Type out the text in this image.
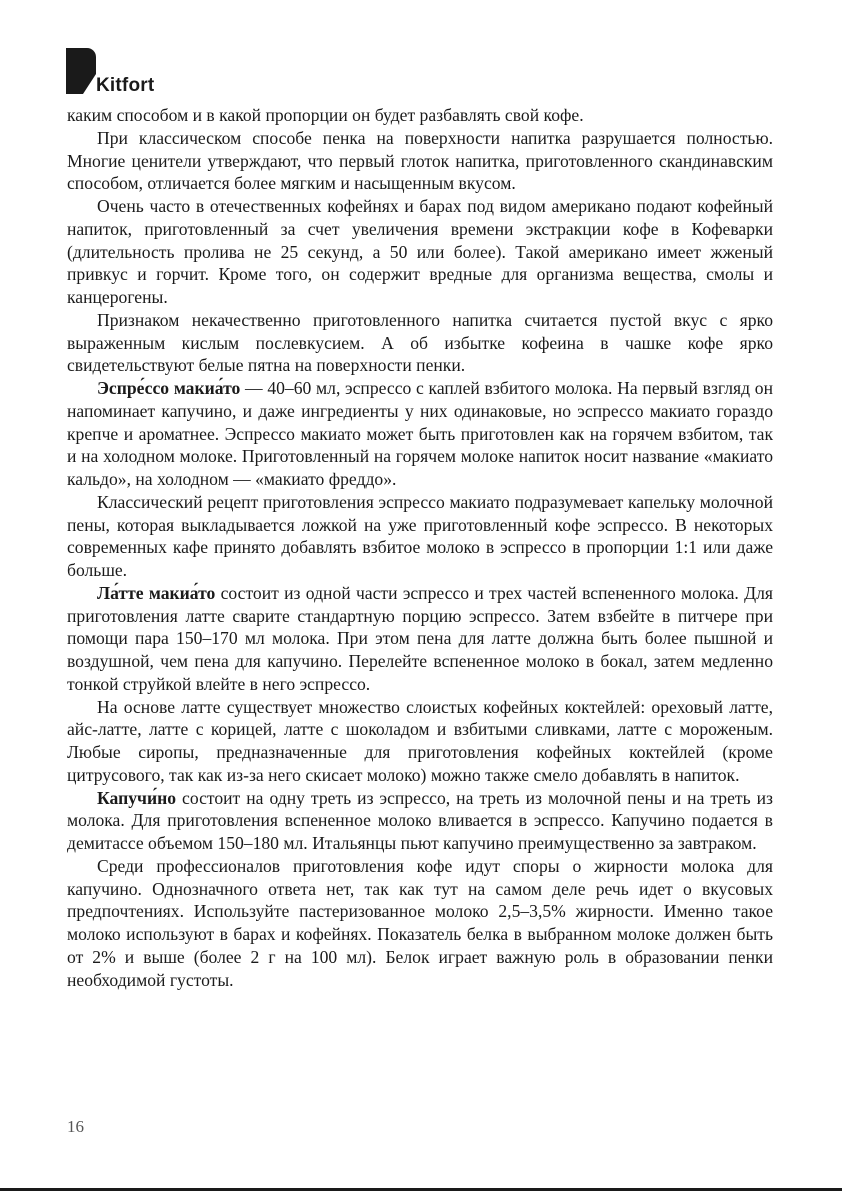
Kitfort

каким способом и в какой пропорции он будет разбавлять свой кофе.

При классическом способе пенка на поверхности напитка разрушается полностью. Многие ценители утверждают, что первый глоток напитка, приготовленного скандинавским способом, отличается более мягким и насыщенным вкусом.

Очень часто в отечественных кофейнях и барах под видом американо подают кофейный напиток, приготовленный за счет увеличения времени экстракции кофе в Кофеварки (длительность пролива не 25 секунд, а 50 или более). Такой американо имеет жженый привкус и горчит. Кроме того, он содержит вредные для организма вещества, смолы и канцерогены.

Признаком некачественно приготовленного напитка считается пустой вкус с ярко выраженным кислым послевкусием. А об избытке кофеина в чашке кофе ярко свидетельствуют белые пятна на поверхности пенки.

Эспре́ссо макиа́то — 40–60 мл, эспрессо с каплей взбитого молока. На первый взгляд он напоминает капучино, и даже ингредиенты у них одинаковые, но эспрессо макиато гораздо крепче и ароматнее. Эспрессо макиато может быть приготовлен как на горячем взбитом, так и на холодном молоке. Приготовленный на горячем молоке напиток носит название «макиато кальдо», на холодном — «макиато фреддо».

Классический рецепт приготовления эспрессо макиато подразумевает капельку молочной пены, которая выкладывается ложкой на уже приготовленный кофе эспрессо. В некоторых современных кафе принято добавлять взбитое молоко в эспрессо в пропорции 1:1 или даже больше.

Ла́тте макиа́то состоит из одной части эспрессо и трех частей вспененного молока. Для приготовления латте сварите стандартную порцию эспрессо. Затем взбейте в питчере при помощи пара 150–170 мл молока. При этом пена для латте должна быть более пышной и воздушной, чем пена для капучино. Перелейте вспененное молоко в бокал, затем медленно тонкой струйкой влейте в него эспрессо.

На основе латте существует множество слоистых кофейных коктейлей: ореховый латте, айс-латте, латте с корицей, латте с шоколадом и взбитыми сливками, латте с мороженым. Любые сиропы, предназначенные для приготовления кофейных коктейлей (кроме цитрусового, так как из-за него скисает молоко) можно также смело добавлять в напиток.

Капучи́но состоит на одну треть из эспрессо, на треть из молочной пены и на треть из молока. Для приготовления вспененное молоко вливается в эспрессо. Капучино подается в демитассе объемом 150–180 мл. Итальянцы пьют капучино преимущественно за завтраком.

Среди профессионалов приготовления кофе идут споры о жирности молока для капучино. Однозначного ответа нет, так как тут на самом деле речь идет о вкусовых предпочтениях. Используйте пастеризованное молоко 2,5–3,5% жирности. Именно такое молоко используют в барах и кофейнях. Показатель белка в выбранном молоке должен быть от 2% и выше (более 2 г на 100 мл). Белок играет важную роль в образовании пенки необходимой густоты.

16
